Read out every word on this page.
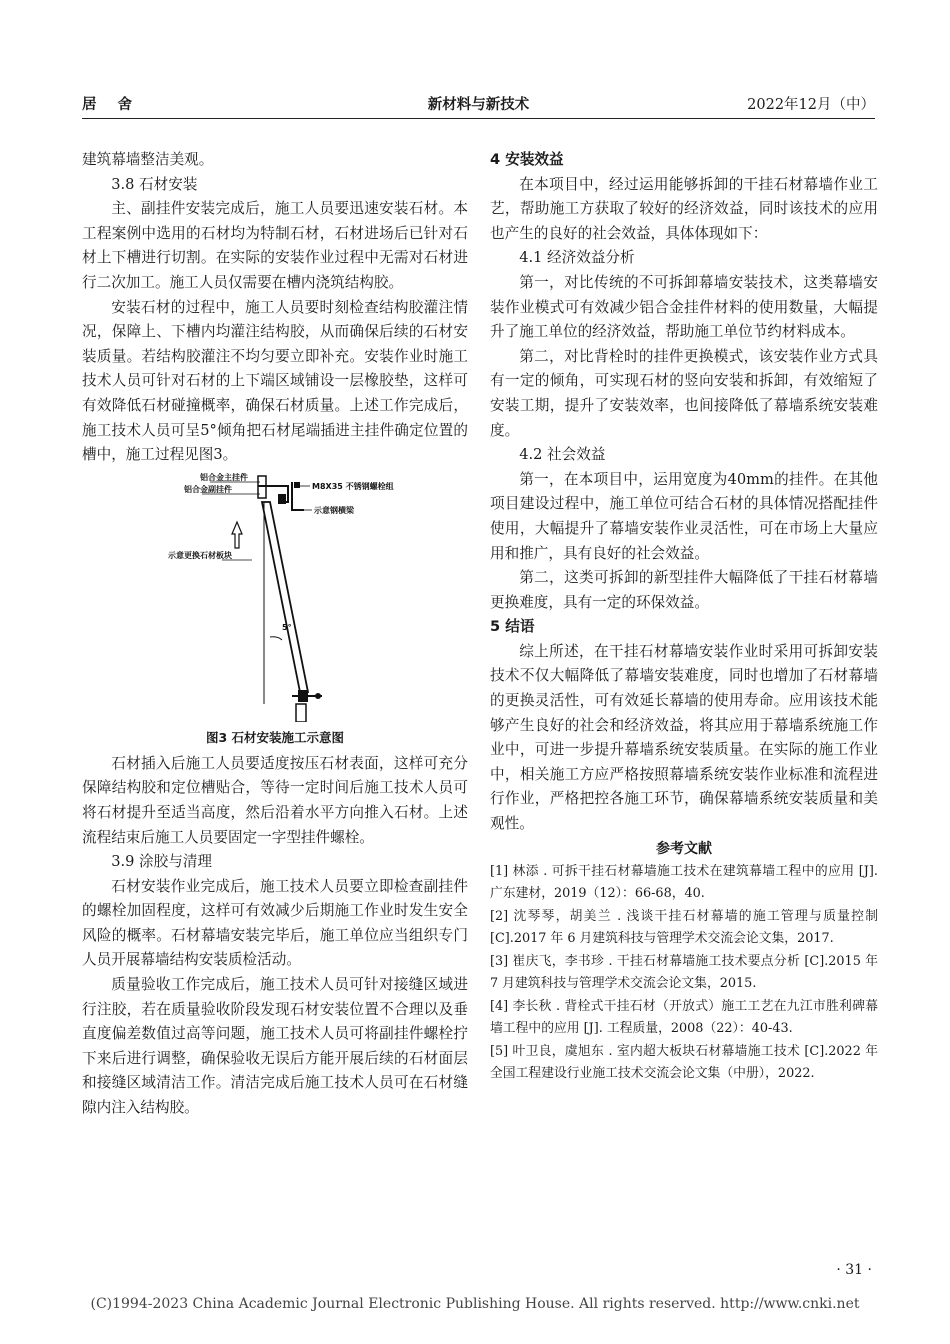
居 舍	新材料与新技术	2022年12月（中）

建筑幕墙整洁美观。

3.8 石材安装

主、副挂件安装完成后，施工人员要迅速安装石材。本工程案例中选用的石材均为特制石材，石材进场后已针对石材上下槽进行切割。在实际的安装作业过程中无需对石材进行二次加工。施工人员仅需要在槽内浇筑结构胶。

安装石材的过程中，施工人员要时刻检查结构胶灌注情况，保障上、下槽内均灌注结构胶，从而确保后续的石材安装质量。若结构胶灌注不均匀要立即补充。安装作业时施工技术人员可针对石材的上下端区域铺设一层橡胶垫，这样可有效降低石材碰撞概率，确保石材质量。上述工作完成后，施工技术人员可呈5°倾角把石材尾端插进主挂件确定位置的槽中，施工过程见图3。

铝合金主挂件
铝合金副挂件	M8X35 不锈钢螺栓组
示意钢横梁
示意更换石材板块
5°
图3 石材安装施工示意图

石材插入后施工人员要适度按压石材表面，这样可充分保障结构胶和定位槽贴合，等待一定时间后施工技术人员可将石材提升至适当高度，然后沿着水平方向推入石材。上述流程结束后施工人员要固定一字型挂件螺栓。

3.9 涂胶与清理

石材安装作业完成后，施工技术人员要立即检查副挂件的螺栓加固程度，这样可有效减少后期施工作业时发生安全风险的概率。石材幕墙安装完毕后，施工单位应当组织专门人员开展幕墙结构安装质检活动。

质量验收工作完成后，施工技术人员可针对接缝区域进行注胶，若在质量验收阶段发现石材安装位置不合理以及垂直度偏差数值过高等问题，施工技术人员可将副挂件螺栓拧下来后进行调整，确保验收无误后方能开展后续的石材面层和接缝区域清洁工作。清洁完成后施工技术人员可在石材缝隙内注入结构胶。

4 安装效益

在本项目中，经过运用能够拆卸的干挂石材幕墙作业工艺，帮助施工方获取了较好的经济效益，同时该技术的应用也产生的良好的社会效益，具体体现如下：

4.1 经济效益分析

第一，对比传统的不可拆卸幕墙安装技术，这类幕墙安装作业模式可有效减少铝合金挂件材料的使用数量，大幅提升了施工单位的经济效益，帮助施工单位节约材料成本。

第二，对比背栓时的挂件更换模式，该安装作业方式具有一定的倾角，可实现石材的竖向安装和拆卸，有效缩短了安装工期，提升了安装效率，也间接降低了幕墙系统安装难度。

4.2 社会效益

第一，在本项目中，运用宽度为40mm的挂件。在其他项目建设过程中，施工单位可结合石材的具体情况搭配挂件使用，大幅提升了幕墙安装作业灵活性，可在市场上大量应用和推广，具有良好的社会效益。

第二，这类可拆卸的新型挂件大幅降低了干挂石材幕墙更换难度，具有一定的环保效益。

5 结语

综上所述，在干挂石材幕墙安装作业时采用可拆卸安装技术不仅大幅降低了幕墙安装难度，同时也增加了石材幕墙的更换灵活性，可有效延长幕墙的使用寿命。应用该技术能够产生良好的社会和经济效益，将其应用于幕墙系统施工作业中，可进一步提升幕墙系统安装质量。在实际的施工作业中，相关施工方应严格按照幕墙系统安装作业标准和流程进行作业，严格把控各施工环节，确保幕墙系统安装质量和美观性。

参考文献

[1] 林添 . 可拆干挂石材幕墙施工技术在建筑幕墙工程中的应用 [J]. 广东建材，2019（12）：66-68，40.

[2] 沈琴琴，胡美兰 . 浅谈干挂石材幕墙的施工管理与质量控制 [C].2017 年 6 月建筑科技与管理学术交流会论文集，2017.

[3] 崔庆飞，李书珍 . 干挂石材幕墙施工技术要点分析 [C].2015 年 7 月建筑科技与管理学术交流会论文集，2015.

[4] 李长秋 . 背栓式干挂石材（开放式）施工工艺在九江市胜利碑幕墙工程中的应用 [J]. 工程质量，2008（22）：40-43.

[5] 叶卫良，虞旭东 . 室内超大板块石材幕墙施工技术 [C].2022 年全国工程建设行业施工技术交流会论文集（中册），2022.

· 31 ·
(C)1994-2023 China Academic Journal Electronic Publishing House. All rights reserved. http://www.cnki.net
